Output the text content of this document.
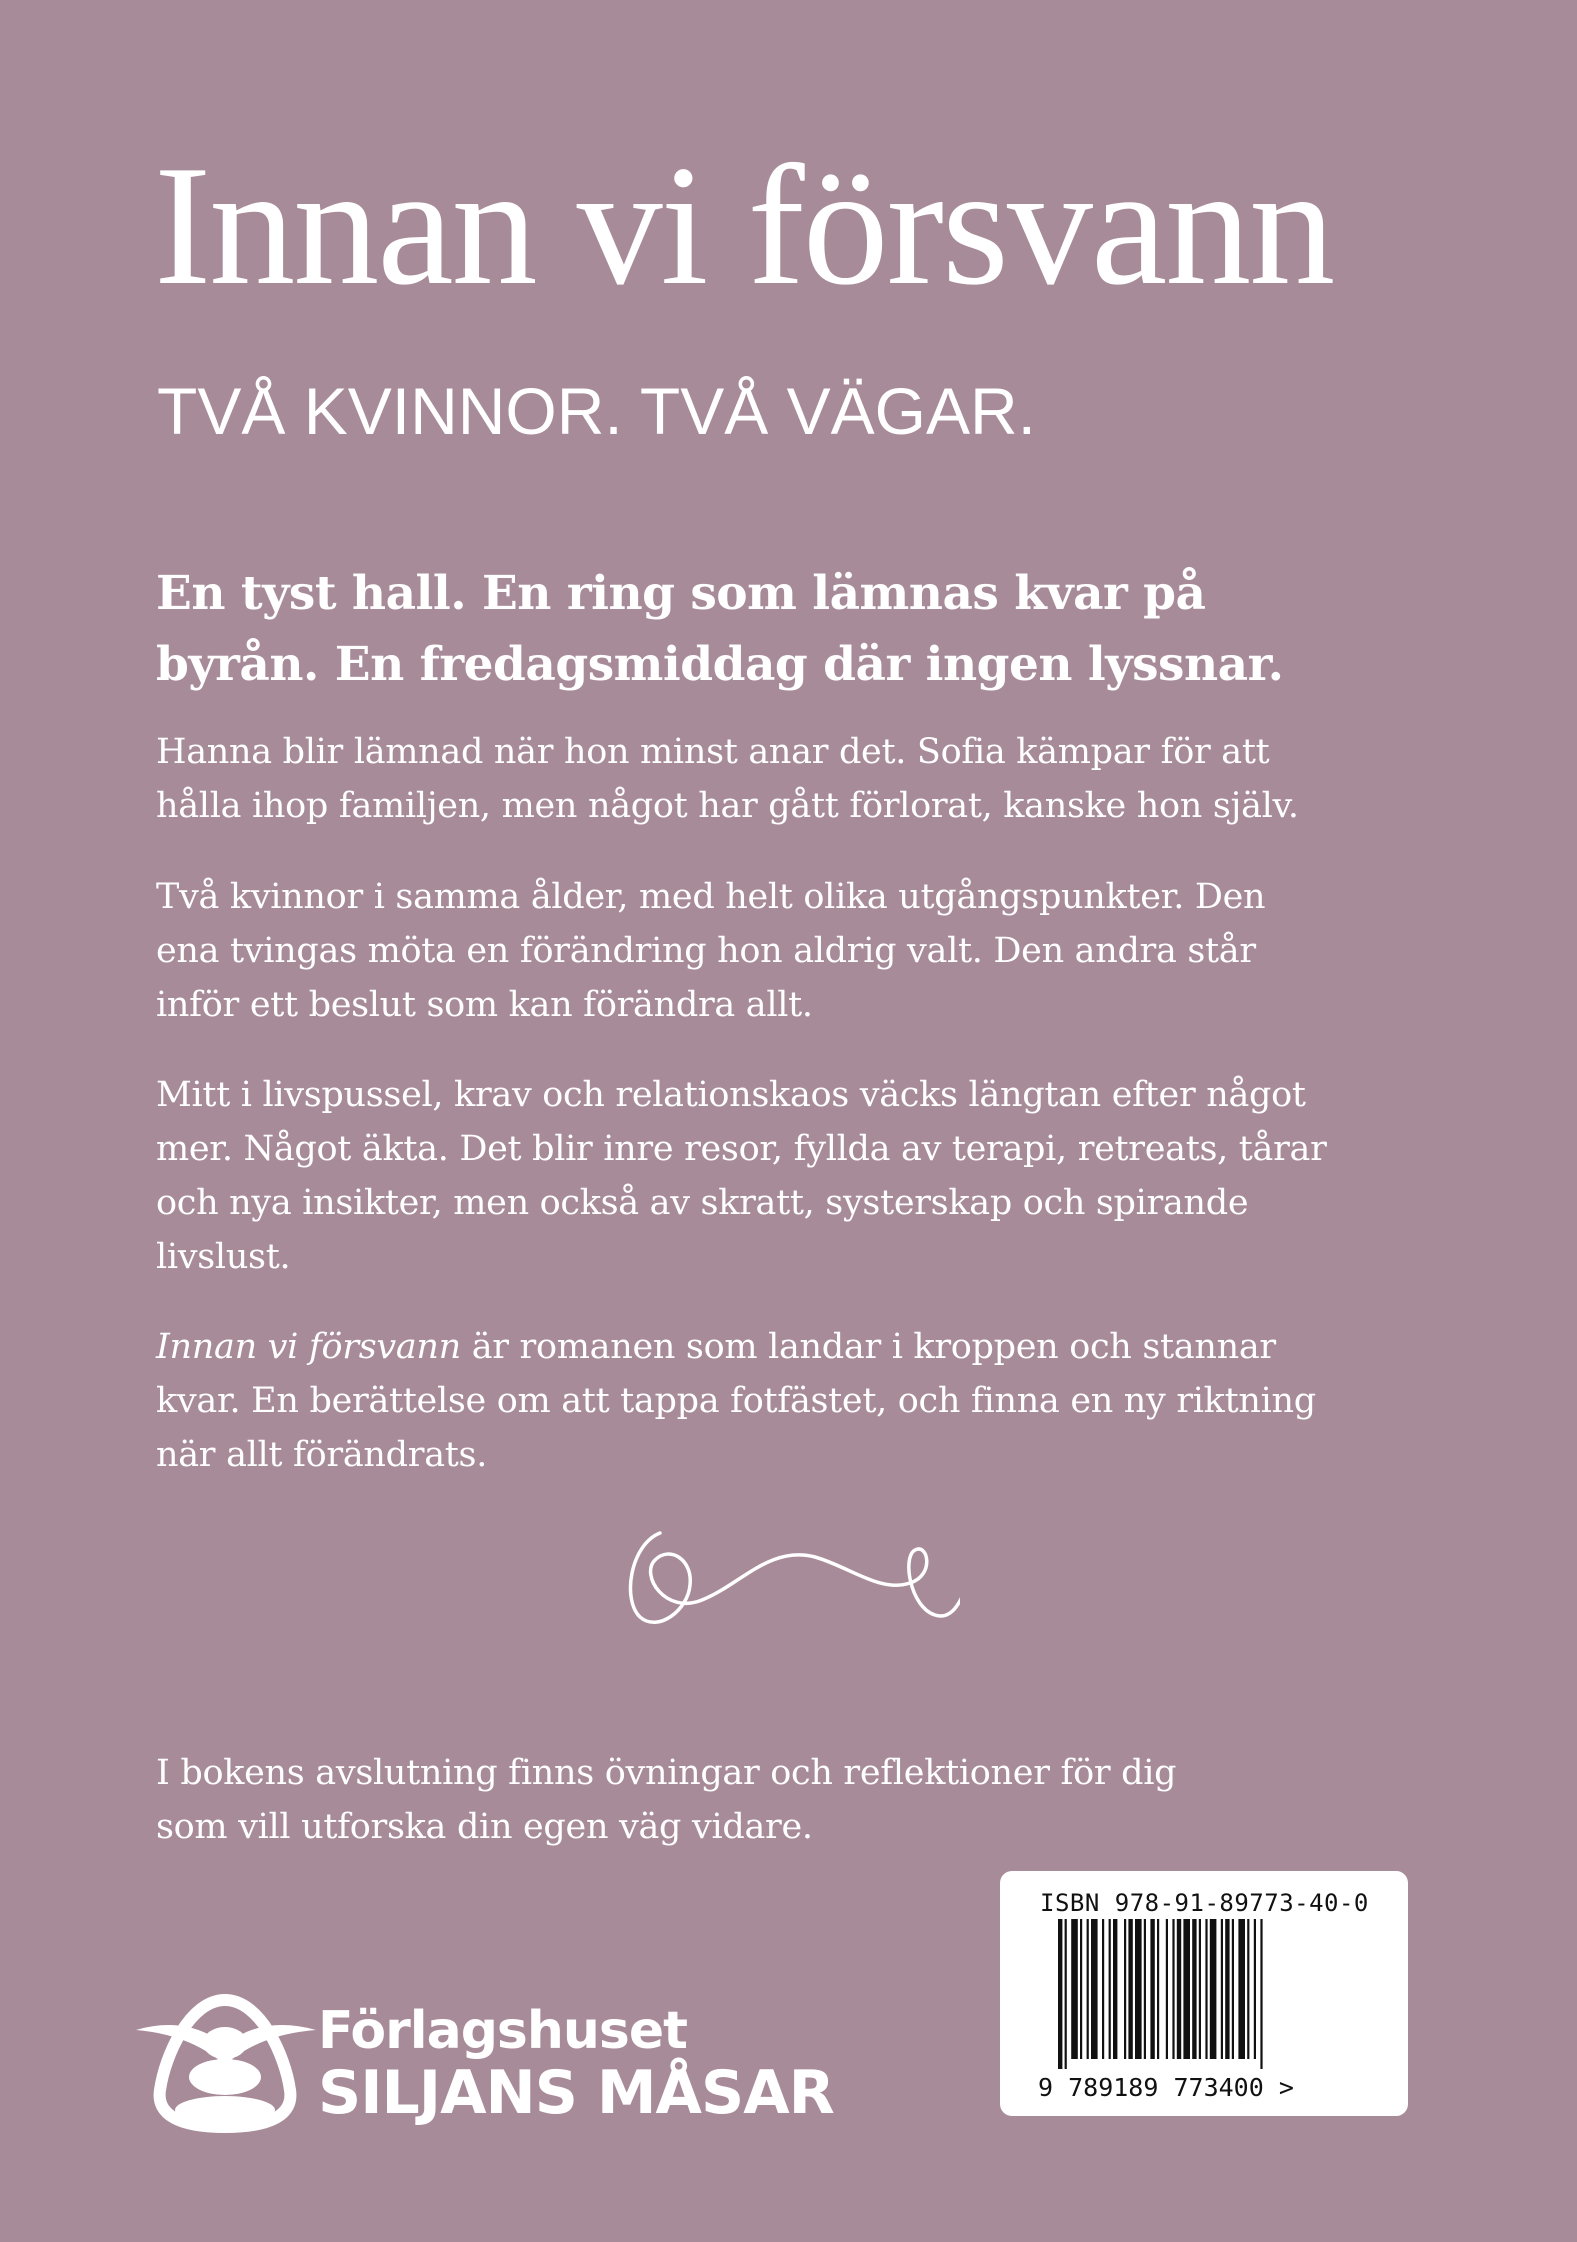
Innan vi försvann
TVÅ KVINNOR. TVÅ VÄGAR.

En tyst hall. En ring som lämnas kvar på
byrån. En fredagsmiddag där ingen lyssnar.

Hanna blir lämnad när hon minst anar det. Sofia kämpar för att
hålla ihop familjen, men något har gått förlorat, kanske hon själv.

Två kvinnor i samma ålder, med helt olika utgångspunkter. Den
ena tvingas möta en förändring hon aldrig valt. Den andra står
inför ett beslut som kan förändra allt.

Mitt i livspussel, krav och relationskaos väcks längtan efter något
mer. Något äkta. Det blir inre resor, fyllda av terapi, retreats, tårar
och nya insikter, men också av skratt, systerskap och spirande
livslust.

Innan vi försvann är romanen som landar i kroppen och stannar
kvar. En berättelse om att tappa fotfästet, och finna en ny riktning
när allt förändrats.

I bokens avslutning finns övningar och reflektioner för dig
som vill utforska din egen väg vidare.

Förlagshuset
SILJANS MÅSAR
ISBN 978-91-89773-40-0
9 789189 773400 >
